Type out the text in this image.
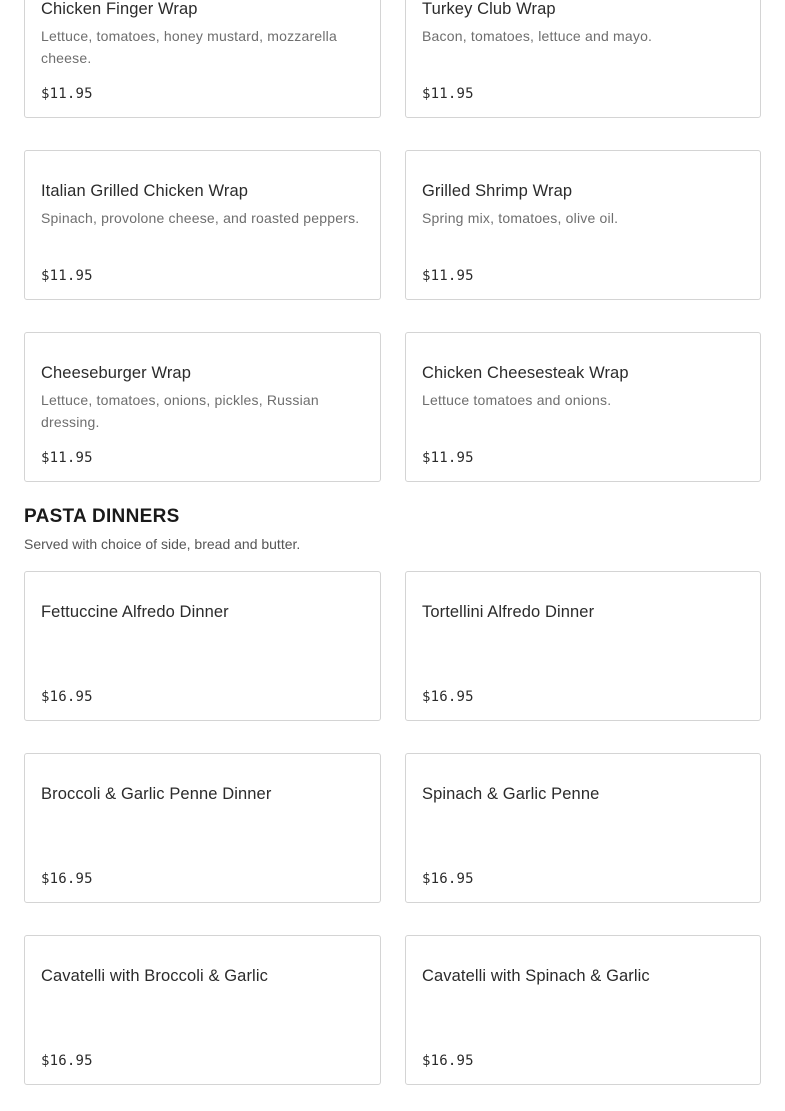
Chicken Finger Wrap
Lettuce, tomatoes, honey mustard, mozzarella cheese.
$11.95
Turkey Club Wrap
Bacon, tomatoes, lettuce and mayo.
$11.95
Italian Grilled Chicken Wrap
Spinach, provolone cheese, and roasted peppers.
$11.95
Grilled Shrimp Wrap
Spring mix, tomatoes, olive oil.
$11.95
Cheeseburger Wrap
Lettuce, tomatoes, onions, pickles, Russian dressing.
$11.95
Chicken Cheesesteak Wrap
Lettuce tomatoes and onions.
$11.95
PASTA DINNERS
Served with choice of side, bread and butter.
Fettuccine Alfredo Dinner
$16.95
Tortellini Alfredo Dinner
$16.95
Broccoli & Garlic Penne Dinner
$16.95
Spinach & Garlic Penne
$16.95
Cavatelli with Broccoli & Garlic
$16.95
Cavatelli with Spinach & Garlic
$16.95
